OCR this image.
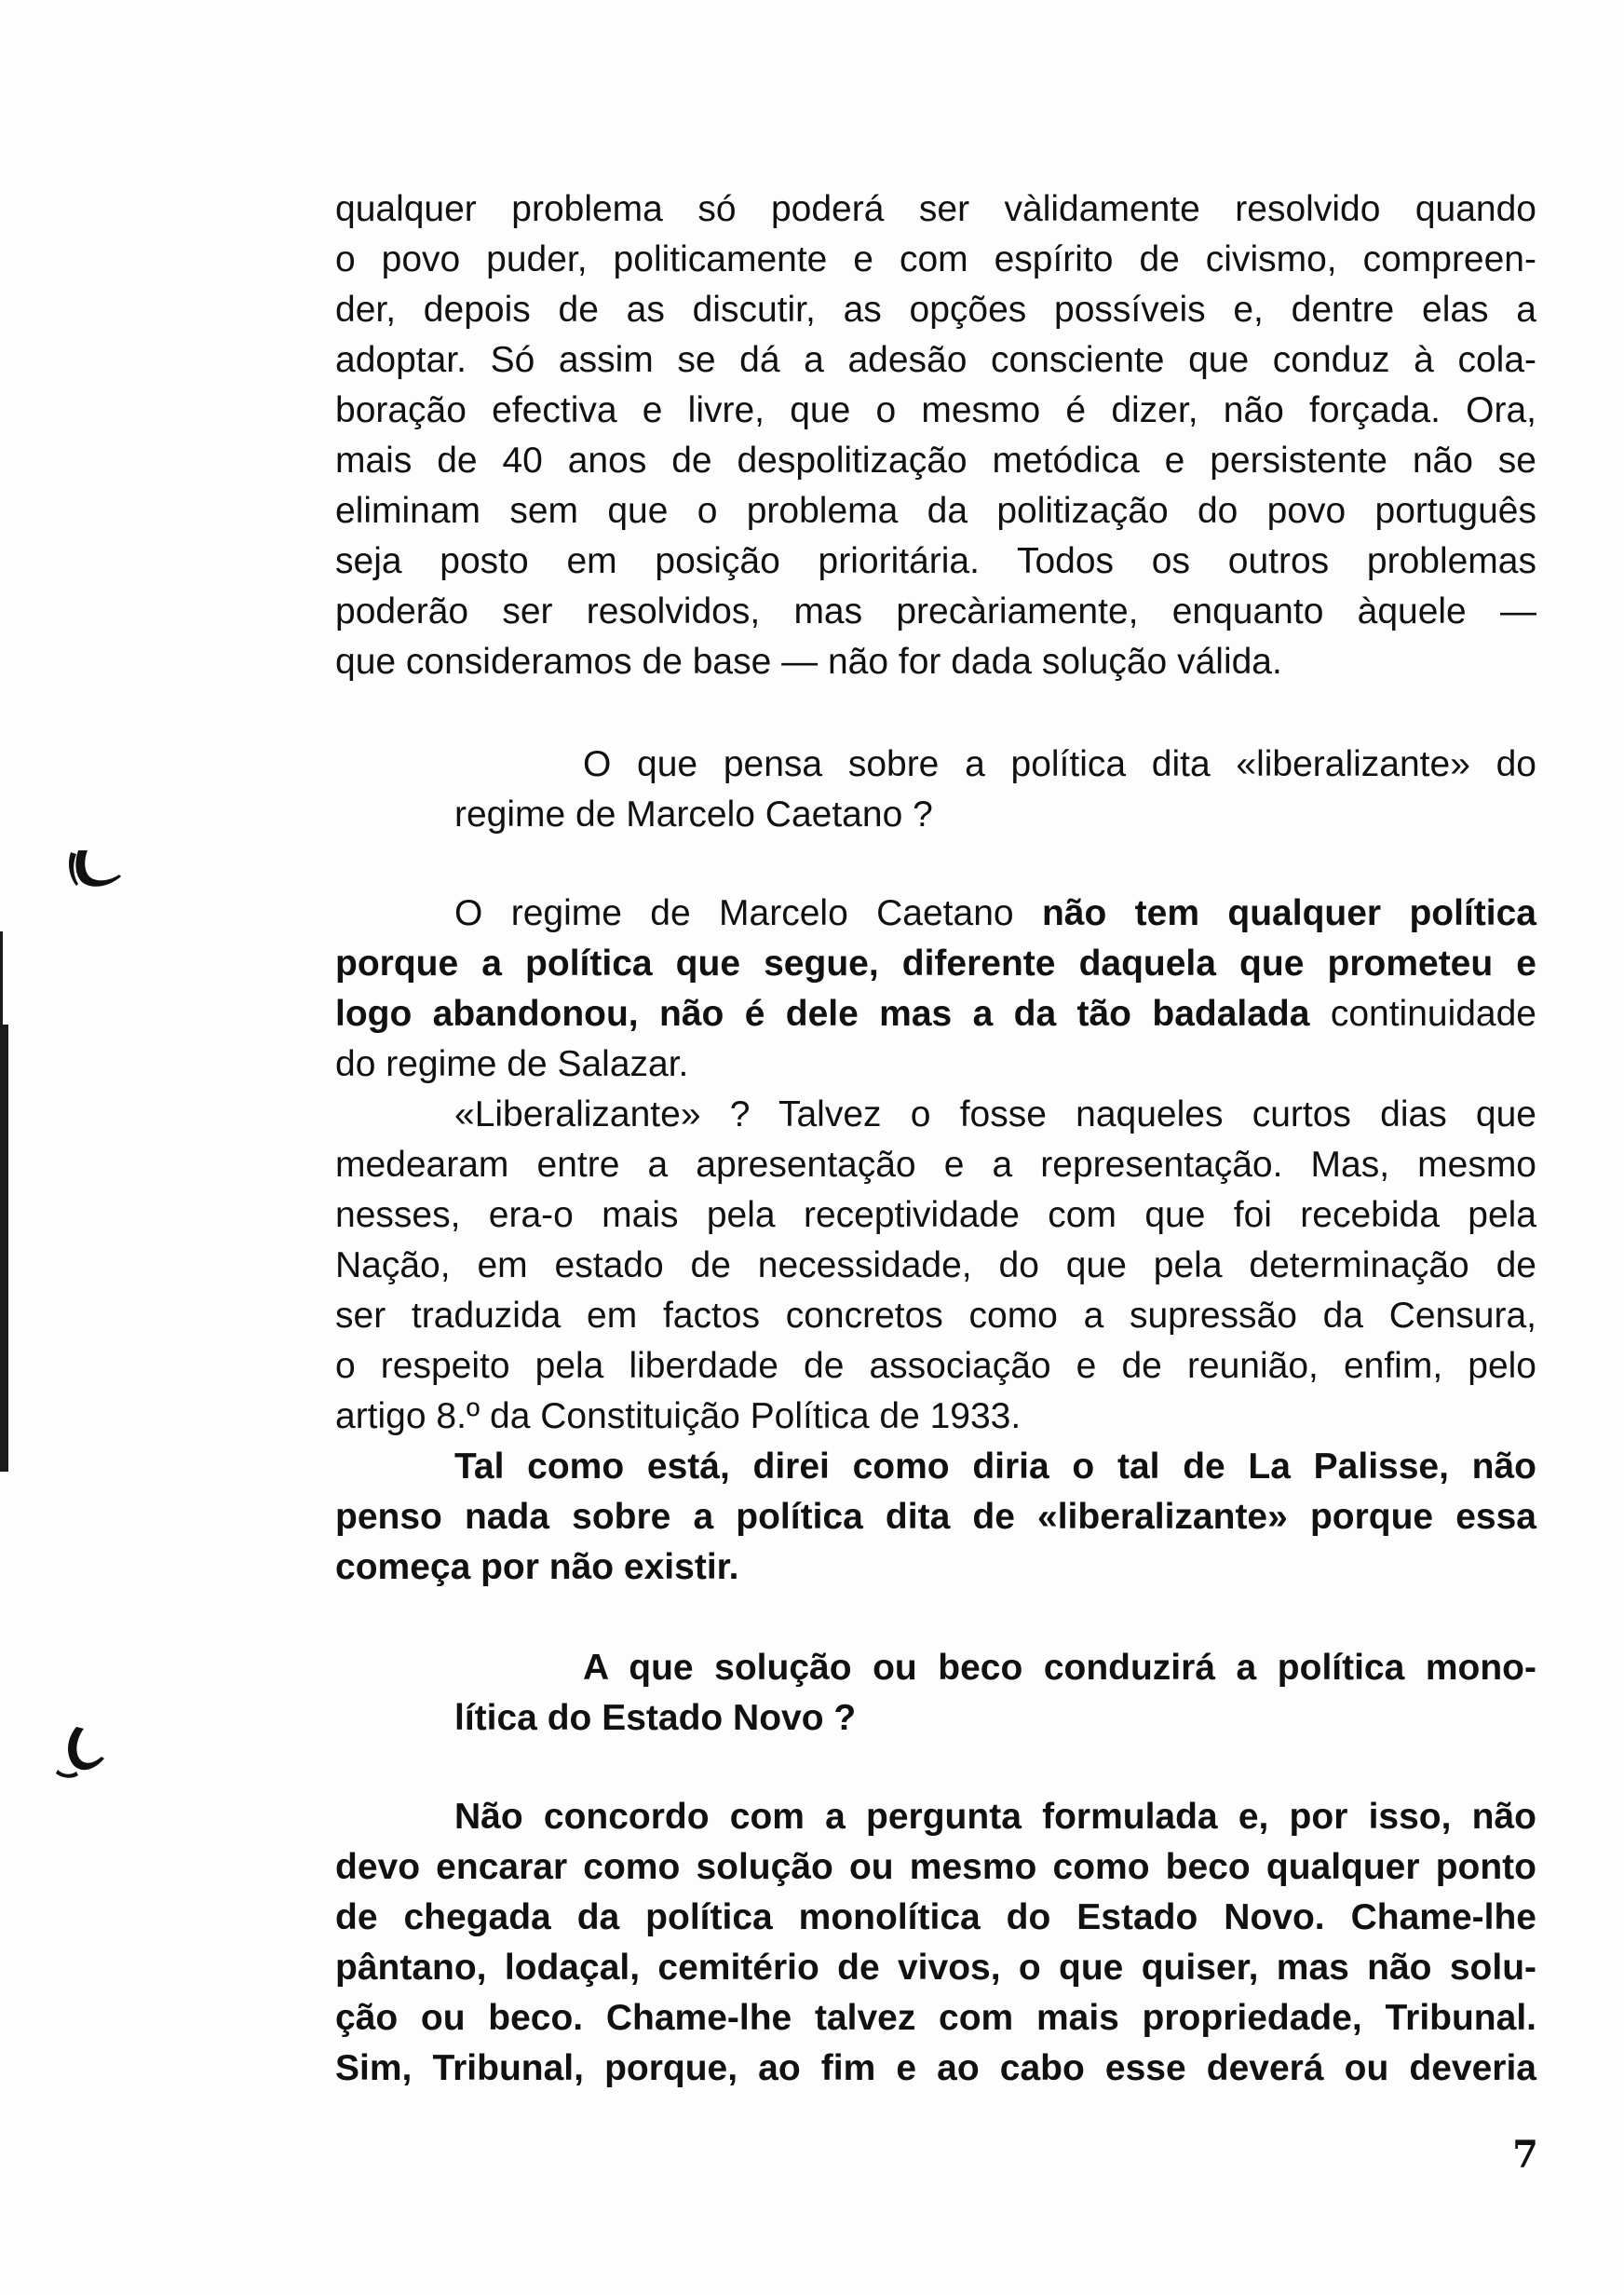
qualquer problema só poderá ser vàlidamente resolvido quando
o povo puder, politicamente e com espírito de civismo, compreen-
der, depois de as discutir, as opções possíveis e, dentre elas a
adoptar. Só assim se dá a adesão consciente que conduz à cola-
boração efectiva e livre, que o mesmo é dizer, não forçada. Ora,
mais de 40 anos de despolitização metódica e persistente não se
eliminam sem que o problema da politização do povo português
seja posto em posição prioritária. Todos os outros problemas
poderão ser resolvidos, mas precàriamente, enquanto àquele —
que consideramos de base — não for dada solução válida.
O que pensa sobre a política dita «liberalizante» do
regime de Marcelo Caetano ?
O regime de Marcelo Caetano não tem qualquer política
porque a política que segue, diferente daquela que prometeu e
logo abandonou, não é dele mas a da tão badalada continuidade
do regime de Salazar.
«Liberalizante» ? Talvez o fosse naqueles curtos dias que
medearam entre a apresentação e a representação. Mas, mesmo
nesses, era-o mais pela receptividade com que foi recebida pela
Nação, em estado de necessidade, do que pela determinação de
ser traduzida em factos concretos como a supressão da Censura,
o respeito pela liberdade de associação e de reunião, enfim, pelo
artigo 8.º da Constituição Política de 1933.
Tal como está, direi como diria o tal de La Palisse, não
penso nada sobre a política dita de «liberalizante» porque essa
começa por não existir.
A que solução ou beco conduzirá a política mono-
lítica do Estado Novo ?
Não concordo com a pergunta formulada e, por isso, não
devo encarar como solução ou mesmo como beco qualquer ponto
de chegada da política monolítica do Estado Novo. Chame-lhe
pântano, lodaçal, cemitério de vivos, o que quiser, mas não solu-
ção ou beco. Chame-lhe talvez com mais propriedade, Tribunal.
Sim, Tribunal, porque, ao fim e ao cabo esse deverá ou deveria
7
